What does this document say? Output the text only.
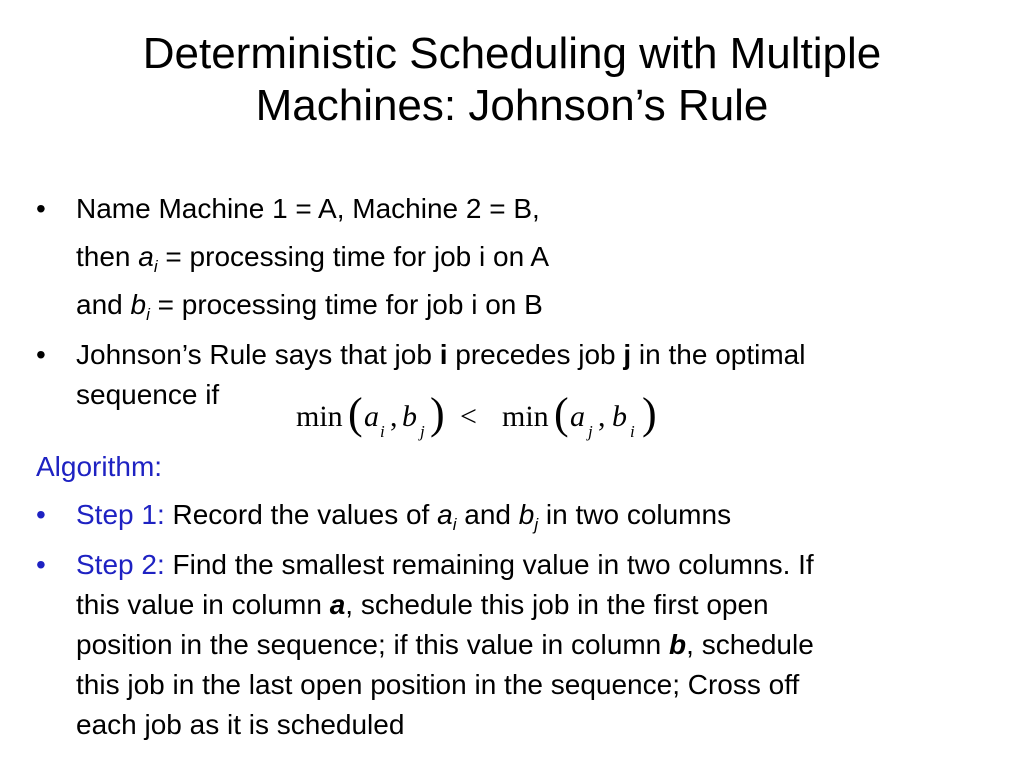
Deterministic Scheduling with Multiple
Machines: Johnson’s Rule
• Name Machine 1 = A, Machine 2 = B,
then $a_i$ = processing time for job i on A
and $b_i$ = processing time for job i on B
• Johnson’s Rule says that job i precedes job j in the optimal
sequence if
min ( a i , b j ) < min ( a j , b i )
Algorithm:
• Step 1: Record the values of $a_i$ and $b_j$ in two columns
• Step 2: Find the smallest remaining value in two columns. If
this value in column a, schedule this job in the first open
position in the sequence; if this value in column b, schedule
this job in the last open position in the sequence; Cross off
each job as it is scheduled
